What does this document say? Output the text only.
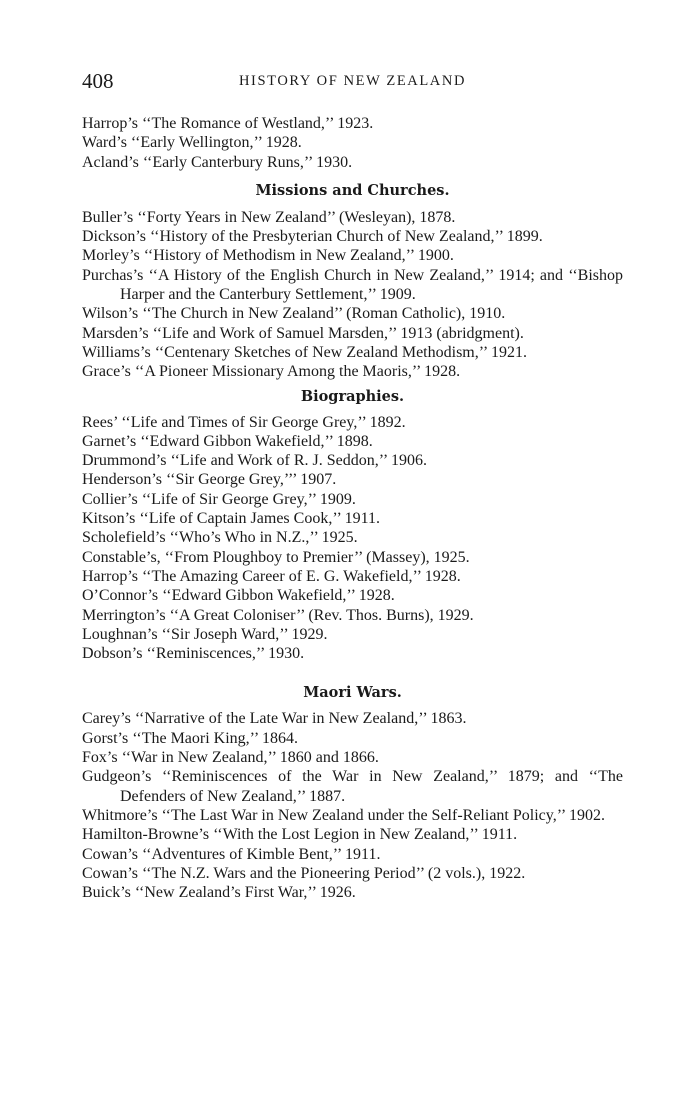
408	HISTORY OF NEW ZEALAND

Harrop’s ‘‘The Romance of Westland,’’ 1923.

Ward’s ‘‘Early Wellington,’’ 1928.

Acland’s ‘‘Early Canterbury Runs,’’ 1930.

Missions and Churches.

Buller’s ‘‘Forty Years in New Zealand’’ (Wesleyan), 1878.

Dickson’s ‘‘History of the Presbyterian Church of New Zealand,’’ 1899.

Morley’s ‘‘History of Methodism in New Zealand,’’ 1900.

Purchas’s ‘‘A History of the English Church in New Zealand,’’ 1914; and ‘‘Bishop Harper and the Canterbury Settlement,’’ 1909.

Wilson’s ‘‘The Church in New Zealand’’ (Roman Catholic), 1910.

Marsden’s ‘‘Life and Work of Samuel Marsden,’’ 1913 (abridgment).

Williams’s ‘‘Centenary Sketches of New Zealand Methodism,’’ 1921.

Grace’s ‘‘A Pioneer Missionary Among the Maoris,’’ 1928.

Biographies.

Rees’ ‘‘Life and Times of Sir George Grey,’’ 1892.

Garnet’s ‘‘Edward Gibbon Wakefield,’’ 1898.

Drummond’s ‘‘Life and Work of R. J. Seddon,’’ 1906.

Henderson’s ‘‘Sir George Grey,’’’ 1907.

Collier’s ‘‘Life of Sir George Grey,’’ 1909.

Kitson’s ‘‘Life of Captain James Cook,’’ 1911.

Scholefield’s ‘‘Who’s Who in N.Z.,’’ 1925.

Constable’s, ‘‘From Ploughboy to Premier’’ (Massey), 1925.

Harrop’s ‘‘The Amazing Career of E. G. Wakefield,’’ 1928.

O’Connor’s ‘‘Edward Gibbon Wakefield,’’ 1928.

Merrington’s ‘‘A Great Coloniser’’ (Rev. Thos. Burns), 1929.

Loughnan’s ‘‘Sir Joseph Ward,’’ 1929.

Dobson’s ‘‘Reminiscences,’’ 1930.

Maori Wars.

Carey’s ‘‘Narrative of the Late War in New Zealand,’’ 1863.

Gorst’s ‘‘The Maori King,’’ 1864.

Fox’s ‘‘War in New Zealand,’’ 1860 and 1866.

Gudgeon’s ‘‘Reminiscences of the War in New Zealand,’’ 1879; and ‘‘The Defenders of New Zealand,’’ 1887.

Whitmore’s ‘‘The Last War in New Zealand under the Self-Reliant Policy,’’ 1902.

Hamilton-Browne’s ‘‘With the Lost Legion in New Zealand,’’ 1911.

Cowan’s ‘‘Adventures of Kimble Bent,’’ 1911.

Cowan’s ‘‘The N.Z. Wars and the Pioneering Period’’ (2 vols.), 1922.

Buick’s ‘‘New Zealand’s First War,’’ 1926.
